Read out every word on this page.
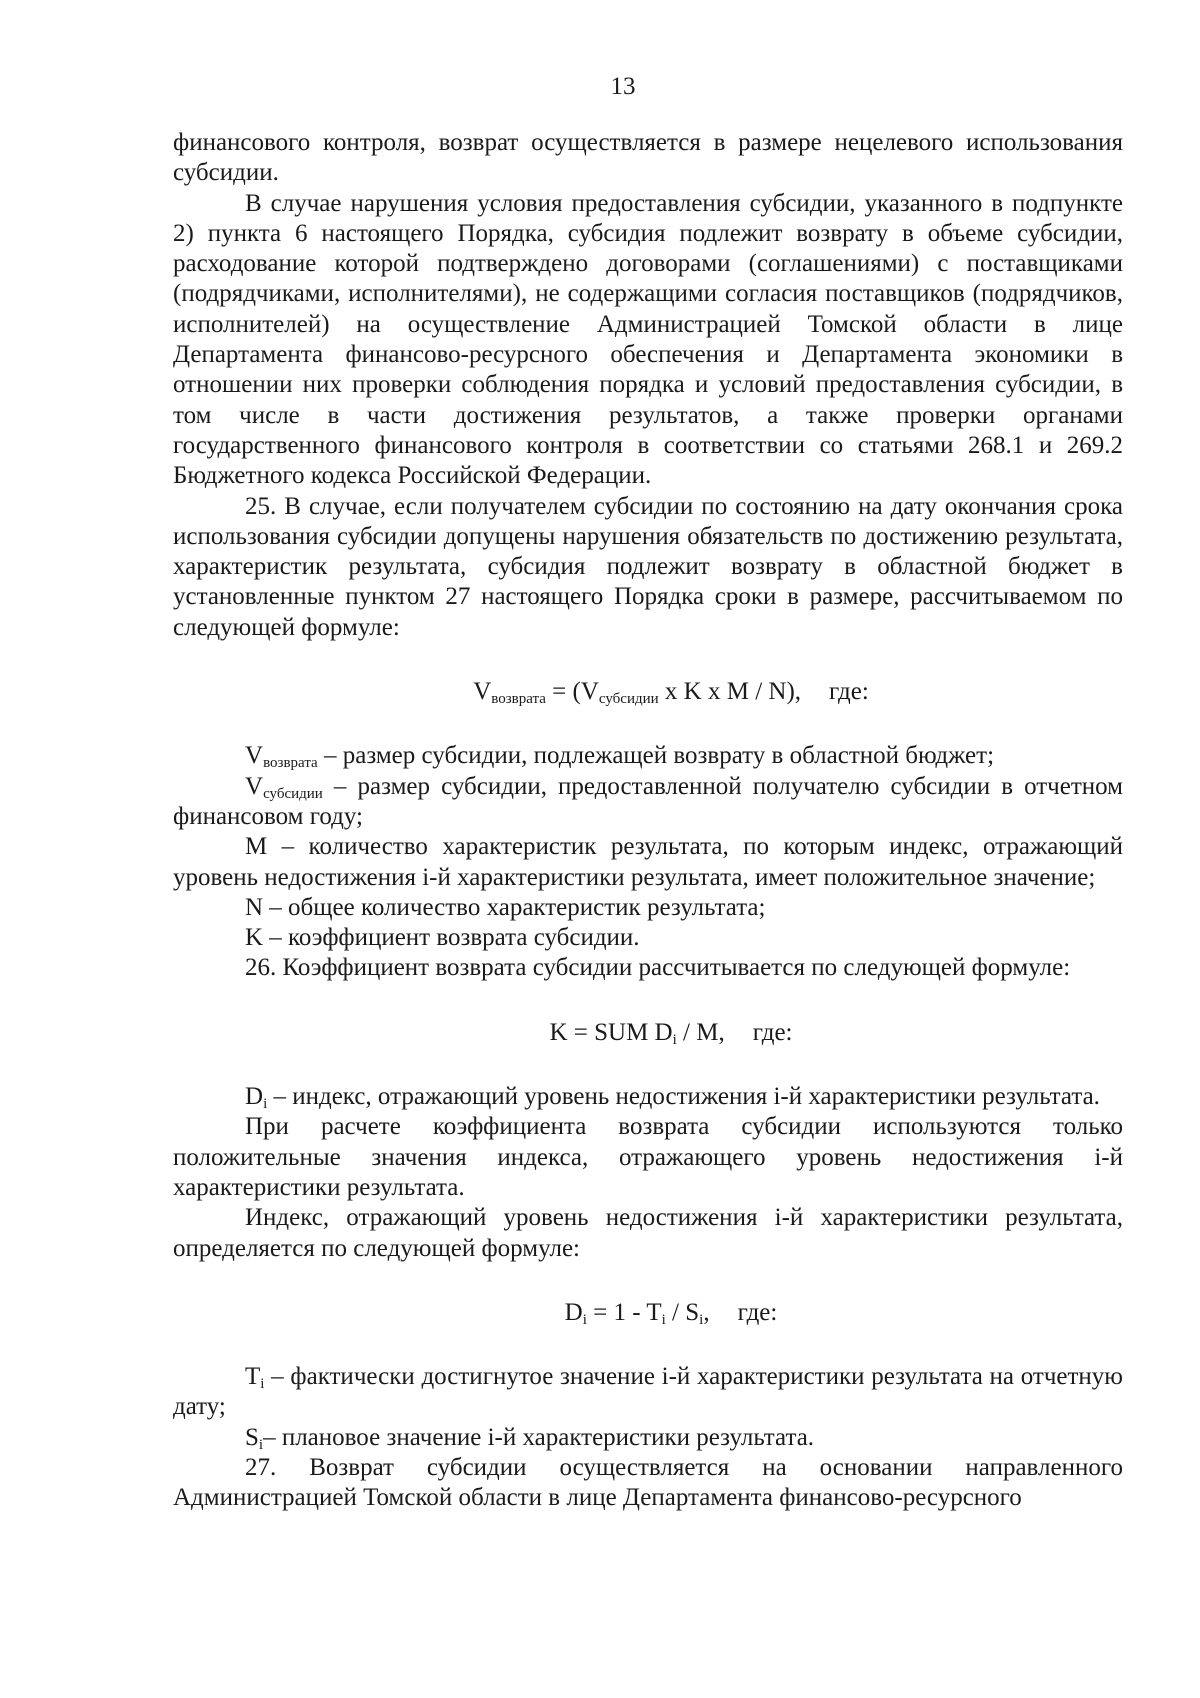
13

финансового контроля, возврат осуществляется в размере нецелевого использования субсидии.

В случае нарушения условия предоставления субсидии, указанного в подпункте 2) пункта 6 настоящего Порядка, субсидия подлежит возврату в объеме субсидии, расходование которой подтверждено договорами (соглашениями) с поставщиками (подрядчиками, исполнителями), не содержащими согласия поставщиков (подрядчиков, исполнителей) на осуществление Администрацией Томской области в лице Департамента финансово-ресурсного обеспечения и Департамента экономики в отношении них проверки соблюдения порядка и условий предоставления субсидии, в том числе в части достижения результатов, а также проверки органами государственного финансового контроля в соответствии со статьями 268.1 и 269.2 Бюджетного кодекса Российской Федерации.

25. В случае, если получателем субсидии по состоянию на дату окончания срока использования субсидии допущены нарушения обязательств по достижению результата, характеристик результата, субсидия подлежит возврату в областной бюджет в установленные пунктом 27 настоящего Порядка сроки в размере, рассчитываемом по следующей формуле:

$V_{возврата} = (V_{субсидии}$ x K x M / N), где:

$V_{возврата}$ – размер субсидии, подлежащей возврату в областной бюджет;

$V_{субсидии}$ – размер субсидии, предоставленной получателю субсидии в отчетном финансовом году;

M – количество характеристик результата, по которым индекс, отражающий уровень недостижения i-й характеристики результата, имеет положительное значение;

N – общее количество характеристик результата;

K – коэффициент возврата субсидии.

26. Коэффициент возврата субсидии рассчитывается по следующей формуле:

K = SUM $D_i$ / M, где:

$D_i$ – индекс, отражающий уровень недостижения i-й характеристики результата.

При расчете коэффициента возврата субсидии используются только положительные значения индекса, отражающего уровень недостижения i-й характеристики результата.

Индекс, отражающий уровень недостижения i-й характеристики результата, определяется по следующей формуле:

$D_i = 1 - T_i / S_i$, где:

$T_i$ – фактически достигнутое значение i-й характеристики результата на отчетную дату;

$S_i-$ плановое значение i-й характеристики результата.

27. Возврат субсидии осуществляется на основании направленного Администрацией Томской области в лице Департамента финансово-ресурсного
